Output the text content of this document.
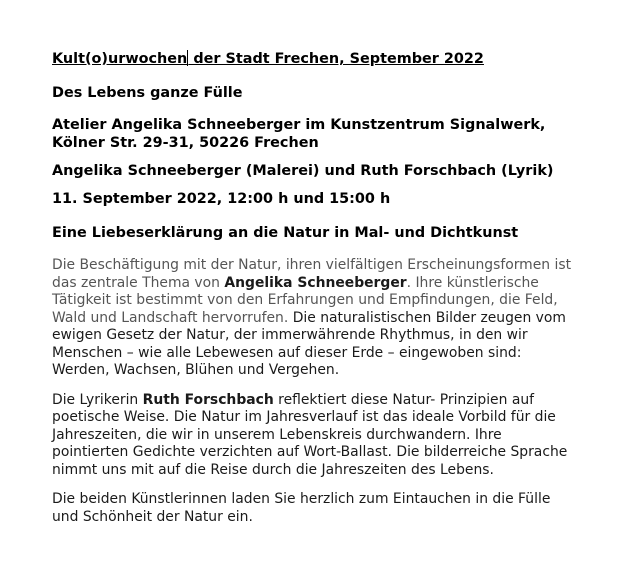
Kult(o)urwochen der Stadt Frechen, September 2022

Des Lebens ganze Fülle

Atelier Angelika Schneeberger im Kunstzentrum Signalwerk,
Kölner Str. 29-31, 50226 Frechen

Angelika Schneeberger (Malerei) und Ruth Forschbach (Lyrik)

11. September 2022, 12:00 h und 15:00 h

Eine Liebeserklärung an die Natur in Mal- und Dichtkunst

Die Beschäftigung mit der Natur, ihren vielfältigen Erscheinungsformen ist das zentrale Thema von Angelika Schneeberger. Ihre künstlerische Tätigkeit ist bestimmt von den Erfahrungen und Empfindungen, die Feld, Wald und Landschaft hervorrufen. Die naturalistischen Bilder zeugen vom ewigen Gesetz der Natur, der immerwährende Rhythmus, in den wir Menschen – wie alle Lebewesen auf dieser Erde – eingewoben sind: Werden, Wachsen, Blühen und Vergehen.

Die Lyrikerin Ruth Forschbach reflektiert diese Natur- Prinzipien auf poetische Weise. Die Natur im Jahresverlauf ist das ideale Vorbild für die Jahreszeiten, die wir in unserem Lebenskreis durchwandern. Ihre pointierten Gedichte verzichten auf Wort-Ballast. Die bilderreiche Sprache nimmt uns mit auf die Reise durch die Jahreszeiten des Lebens.

Die beiden Künstlerinnen laden Sie herzlich zum Eintauchen in die Fülle und Schönheit der Natur ein.
